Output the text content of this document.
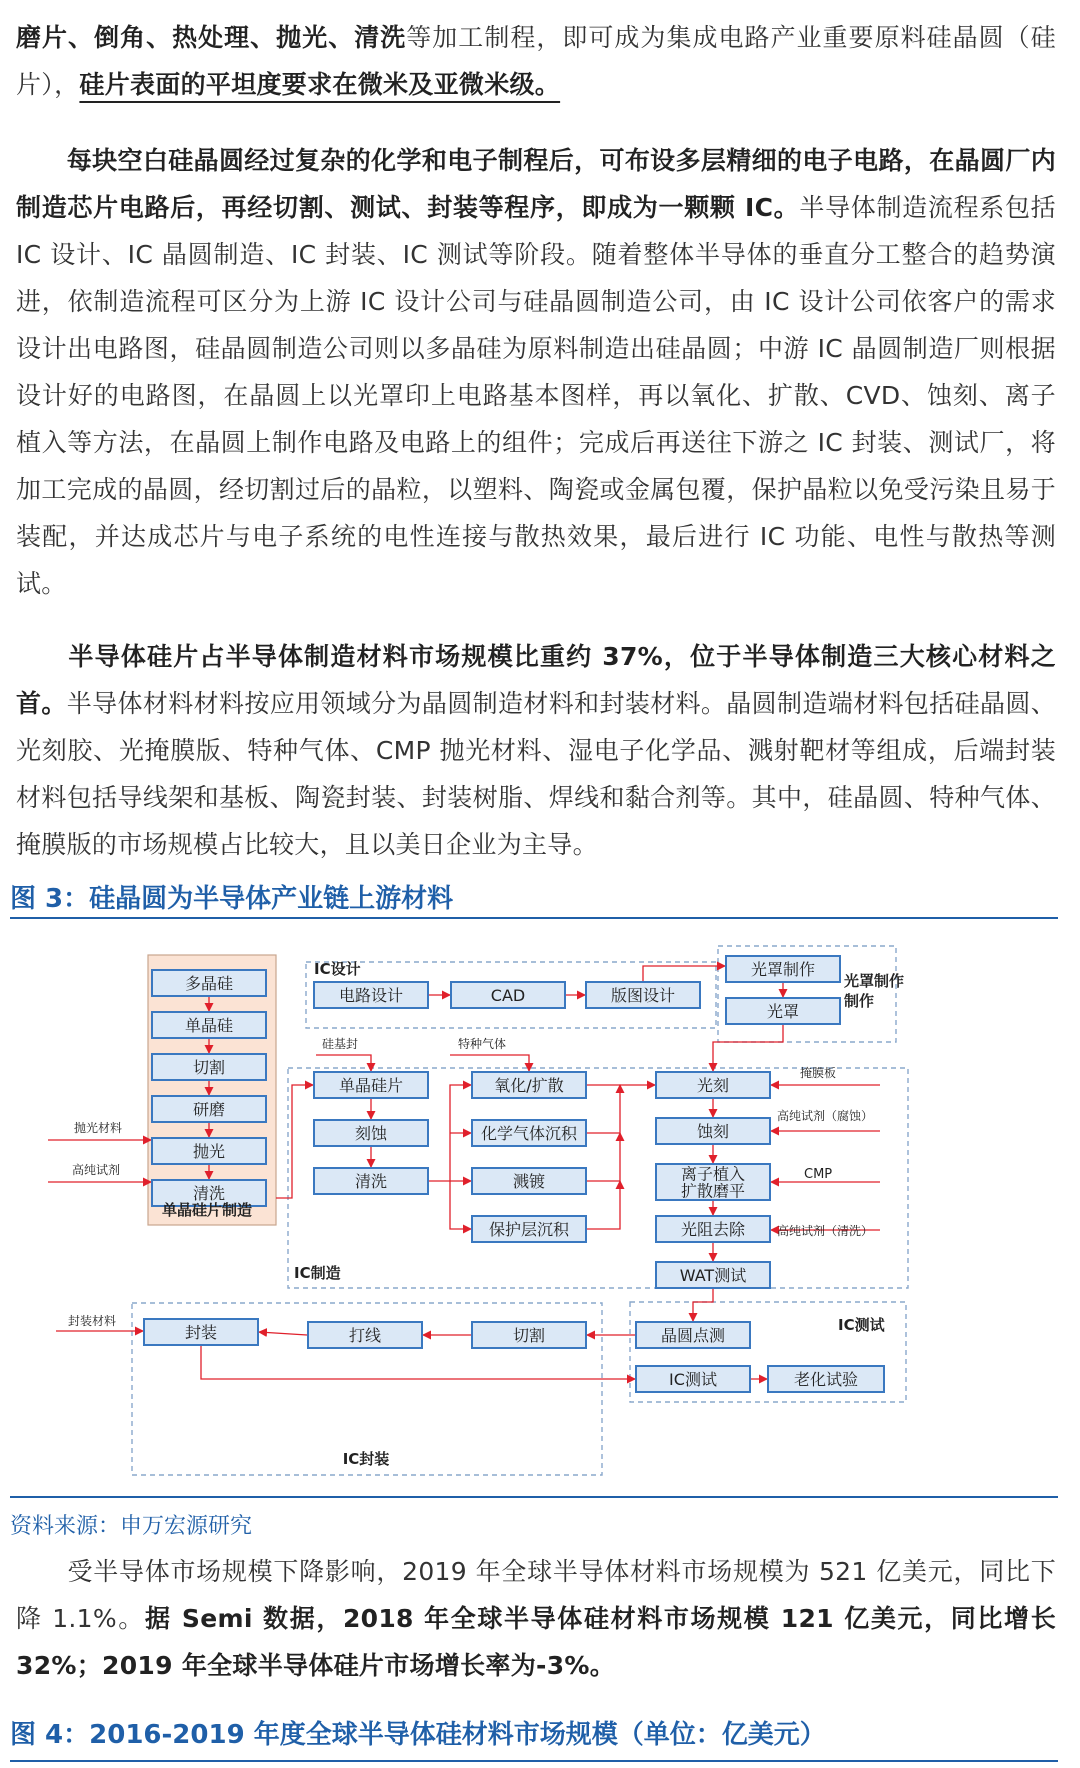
磨片、倒角、热处理、抛光、清洗等加工制程，即可成为集成电路产业重要原料硅晶圆（硅片），硅片表面的平坦度要求在微米及亚微米级。

　　每块空白硅晶圆经过复杂的化学和电子制程后，可布设多层精细的电子电路，在晶圆厂内制造芯片电路后，再经切割、测试、封装等程序，即成为一颗颗 IC。半导体制造流程系包括 IC 设计、IC 晶圆制造、IC 封装、IC 测试等阶段。随着整体半导体的垂直分工整合的趋势演进，依制造流程可区分为上游 IC 设计公司与硅晶圆制造公司，由 IC 设计公司依客户的需求设计出电路图，硅晶圆制造公司则以多晶硅为原料制造出硅晶圆；中游 IC 晶圆制造厂则根据设计好的电路图，在晶圆上以光罩印上电路基本图样，再以氧化、扩散、CVD、蚀刻、离子植入等方法，在晶圆上制作电路及电路上的组件；完成后再送往下游之 IC 封装、测试厂，将加工完成的晶圆，经切割过后的晶粒，以塑料、陶瓷或金属包覆，保护晶粒以免受污染且易于装配，并达成芯片与电子系统的电性连接与散热效果，最后进行 IC 功能、电性与散热等测试。

　　半导体硅片占半导体制造材料市场规模比重约 37%，位于半导体制造三大核心材料之首。半导体材料材料按应用领域分为晶圆制造材料和封装材料。晶圆制造端材料包括硅晶圆、光刻胶、光掩膜版、特种气体、CMP 抛光材料、湿电子化学品、溅射靶材等组成，后端封装材料包括导线架和基板、陶瓷封装、封装树脂、焊线和黏合剂等。其中，硅晶圆、特种气体、掩膜版的市场规模占比较大，且以美日企业为主导。

图 3：硅晶圆为半导体产业链上游材料

多晶硅
单晶硅
切割
研磨
抛光
清洗
单晶硅片制造
电路设计	CAD	版图设计
IC设计	光罩制作
光罩
光罩制作
制作
单晶硅片
刻蚀
清洗
硅基封
氧化/扩散
化学气体沉积
溅镀
保护层沉积
特种气体
光刻
蚀刻
离子植入
扩散磨平
光阻去除
WAT测试
掩膜板
高纯试剂（腐蚀）
CMP
高纯试剂（清洗）
IC制造
晶圆点测
IC测试	老化试验
IC测试
封装	打线	切割
封装材料
IC封装
抛光材料
高纯试剂

资料来源：申万宏源研究

　　受半导体市场规模下降影响，2019 年全球半导体材料市场规模为 521 亿美元，同比下降 1.1%。据 Semi 数据，2018 年全球半导体硅材料市场规模 121 亿美元，同比增长 32%；2019 年全球半导体硅片市场增长率为-3%。

图 4：2016-2019 年度全球半导体硅材料市场规模（单位：亿美元）
